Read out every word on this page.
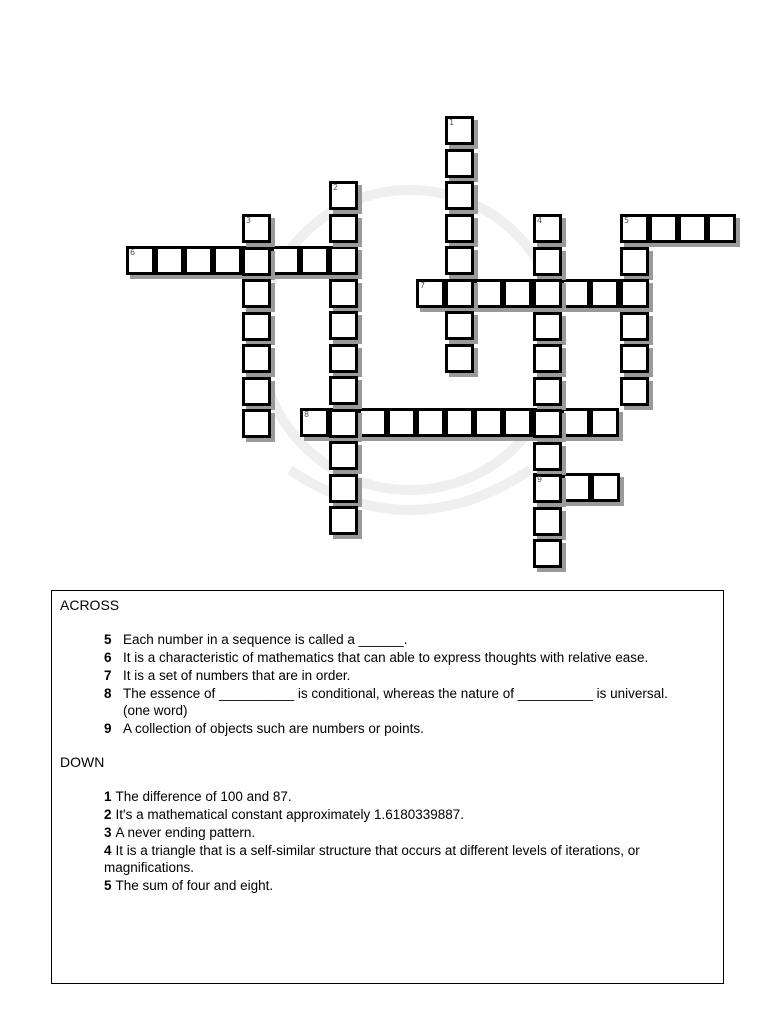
1
2
3	4	5
6
7
8
9
ACROSS
5 Each number in a sequence is called a ______.
6 It is a characteristic of mathematics that can able to express thoughts with relative ease.
7 It is a set of numbers that are in order.
8 The essence of __________ is conditional, whereas the nature of __________ is universal. (one word)
9 A collection of objects such are numbers or points.
DOWN
1 The difference of 100 and 87.
2 It's a mathematical constant approximately 1.6180339887.
3 A never ending pattern.
4 It is a triangle that is a self-similar structure that occurs at different levels of iterations, or magnifications.
5 The sum of four and eight.
